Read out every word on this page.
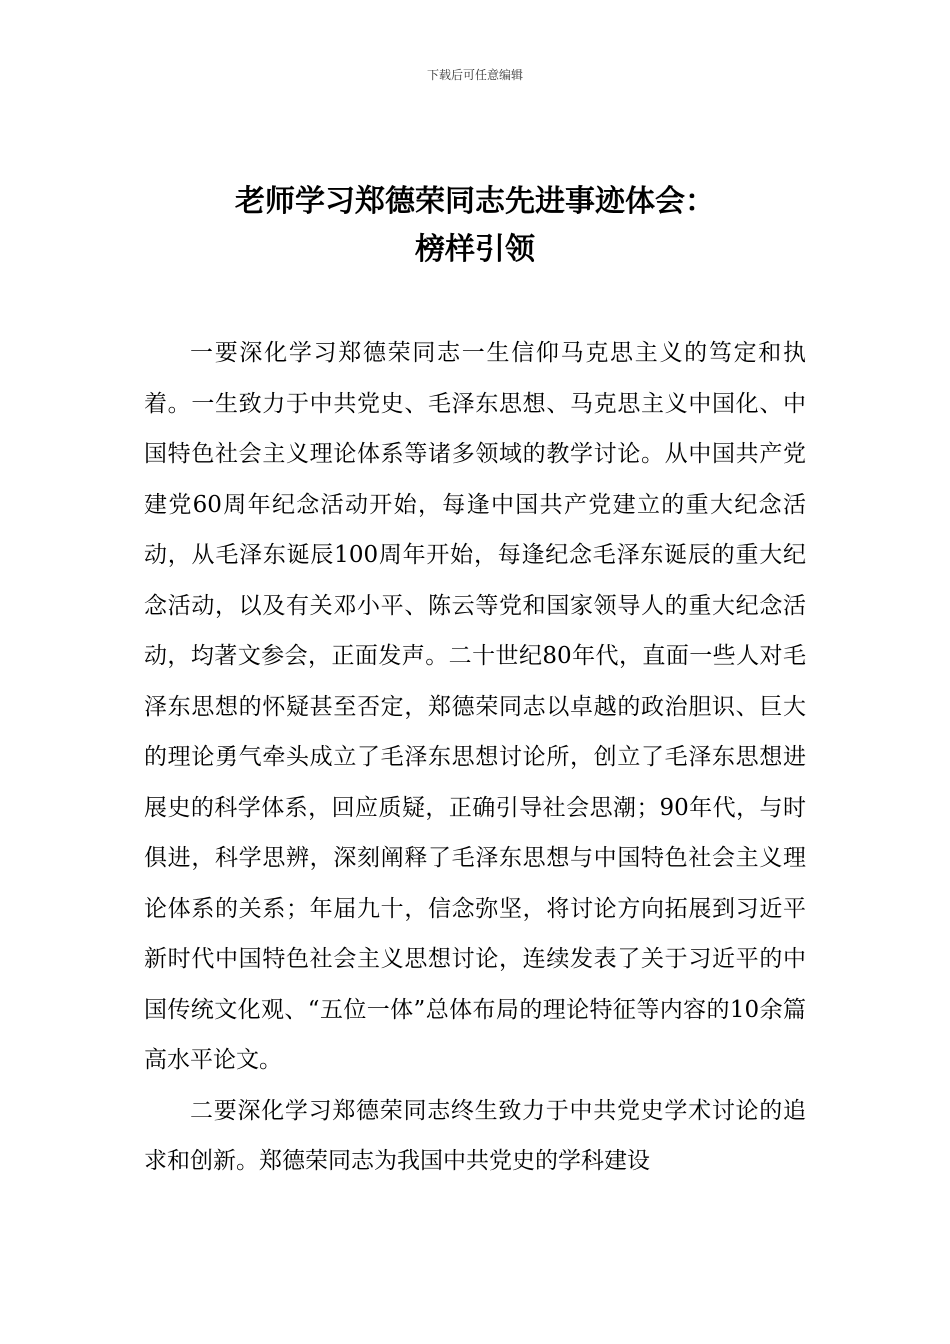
下载后可任意编辑
老师学习郑德荣同志先进事迹体会：
榜样引领

一要深化学习郑德荣同志一生信仰马克思主义的笃定和执着。一生致力于中共党史、毛泽东思想、马克思主义中国化、中国特色社会主义理论体系等诸多领域的教学讨论。从中国共产党建党60周年纪念活动开始，每逢中国共产党建立的重大纪念活动，从毛泽东诞辰100周年开始，每逢纪念毛泽东诞辰的重大纪念活动，以及有关邓小平、陈云等党和国家领导人的重大纪念活动，均著文参会，正面发声。二十世纪80年代，直面一些人对毛泽东思想的怀疑甚至否定，郑德荣同志以卓越的政治胆识、巨大的理论勇气牵头成立了毛泽东思想讨论所，创立了毛泽东思想进展史的科学体系，回应质疑，正确引导社会思潮；90年代，与时俱进，科学思辨，深刻阐释了毛泽东思想与中国特色社会主义理论体系的关系；年届九十，信念弥坚，将讨论方向拓展到习近平新时代中国特色社会主义思想讨论，连续发表了关于习近平的中国传统文化观、“五位一体”总体布局的理论特征等内容的10余篇高水平论文。

二要深化学习郑德荣同志终生致力于中共党史学术讨论的追求和创新。郑德荣同志为我国中共党史的学科建设
